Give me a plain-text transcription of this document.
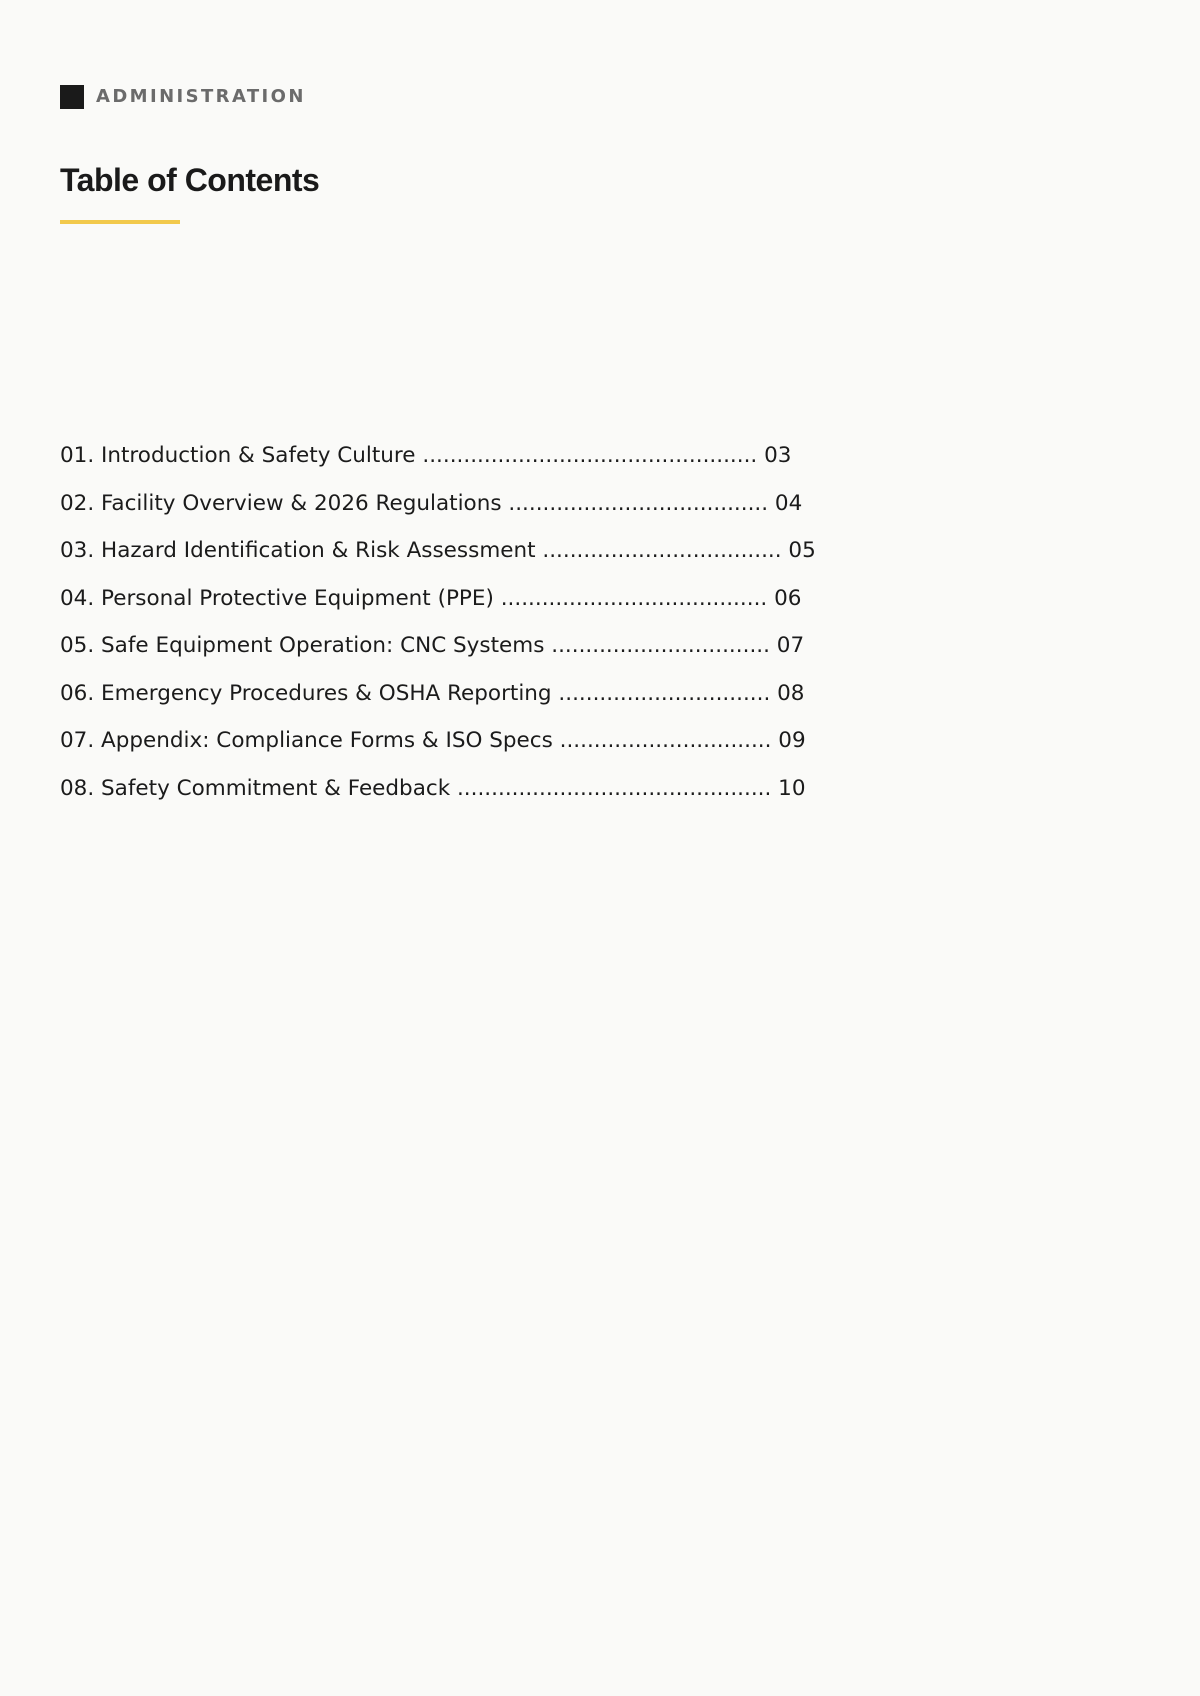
ADMINISTRATION
Table of Contents
01. Introduction & Safety Culture ................................................. 03
02. Facility Overview & 2026 Regulations ...................................... 04
03. Hazard Identification & Risk Assessment ................................... 05
04. Personal Protective Equipment (PPE) ....................................... 06
05. Safe Equipment Operation: CNC Systems ................................ 07
06. Emergency Procedures & OSHA Reporting ............................... 08
07. Appendix: Compliance Forms & ISO Specs ............................... 09
08. Safety Commitment & Feedback .............................................. 10
